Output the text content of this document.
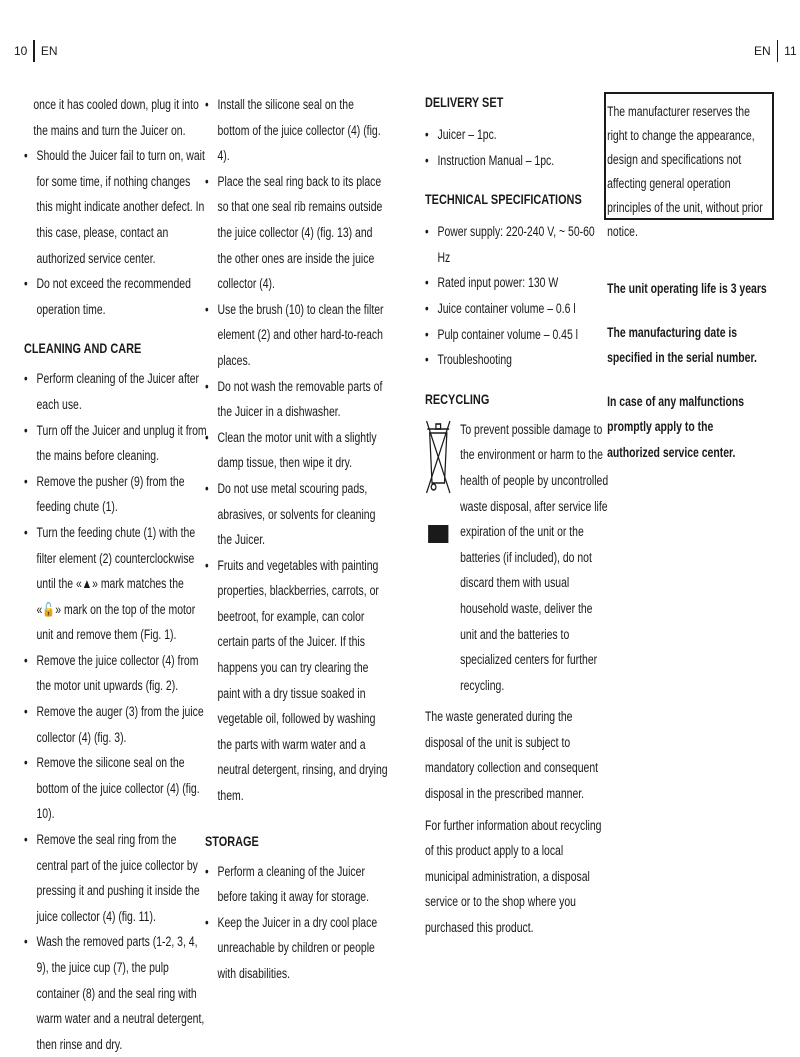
10 EN	EN 11

once it has cooled down, plug it into the mains and turn the Juicer on.

• Should the Juicer fail to turn on, wait for some time, if nothing changes this might indicate another defect. In this case, please, contact an authorized service center.
• Do not exceed the recommended operation time.
CLEANING AND CARE
• Perform cleaning of the Juicer after each use.
• Turn off the Juicer and unplug it from the mains before cleaning.
• Remove the pusher (9) from the feeding chute (1).
• Turn the feeding chute (1) with the filter element (2) counterclockwise until the «▲» mark matches the «🔓» mark on the top of the motor unit and remove them (Fig. 1).
• Remove the juice collector (4) from the motor unit upwards (fig. 2).
• Remove the auger (3) from the juice collector (4) (fig. 3).
• Remove the silicone seal on the bottom of the juice collector (4) (fig. 10).
• Remove the seal ring from the central part of the juice collector by pressing it and pushing it inside the juice collector (4) (fig. 11).
• Wash the removed parts (1-2, 3, 4, 9), the juice cup (7), the pulp container (8) and the seal ring with warm water and a neutral detergent, then rinse and dry.
• Install the silicone seal on the bottom of the juice collector (4) (fig. 4).
• Place the seal ring back to its place so that one seal rib remains outside the juice collector (4) (fig. 13) and the other ones are inside the juice collector (4).
• Use the brush (10) to clean the filter element (2) and other hard-to-reach places.
• Do not wash the removable parts of the Juicer in a dishwasher.
• Clean the motor unit with a slightly damp tissue, then wipe it dry.
• Do not use metal scouring pads, abrasives, or solvents for cleaning the Juicer.
• Fruits and vegetables with painting properties, blackberries, carrots, or beetroot, for example, can color certain parts of the Juicer. If this happens you can try clearing the paint with a dry tissue soaked in vegetable oil, followed by washing the parts with warm water and a neutral detergent, rinsing, and drying them.
STORAGE
• Perform a cleaning of the Juicer before taking it away for storage.
• Keep the Juicer in a dry cool place unreachable by children or people with disabilities.
DELIVERY SET
• Juicer – 1pc.
• Instruction Manual – 1pc.
TECHNICAL SPECIFICATIONS
• Power supply: 220-240 V, ~ 50-60 Hz
• Rated input power: 130 W
• Juice container volume – 0.6 l
• Pulp container volume – 0.45 l
• Troubleshooting
RECYCLING

To prevent possible damage to the environment or harm to the health of people by uncontrolled waste disposal, after service life expiration of the unit or the batteries (if included), do not discard them with usual household waste, deliver the unit and the batteries to specialized centers for further recycling.

The waste generated during the disposal of the unit is subject to mandatory collection and consequent disposal in the prescribed manner.

For further information about recycling of this product apply to a local municipal administration, a disposal service or to the shop where you purchased this product.

The manufacturer reserves the right to change the appearance, design and specifications not affecting general operation principles of the unit, without prior notice.

The unit operating life is 3 years

The manufacturing date is specified in the serial number.

In case of any malfunctions promptly apply to the authorized service center.
